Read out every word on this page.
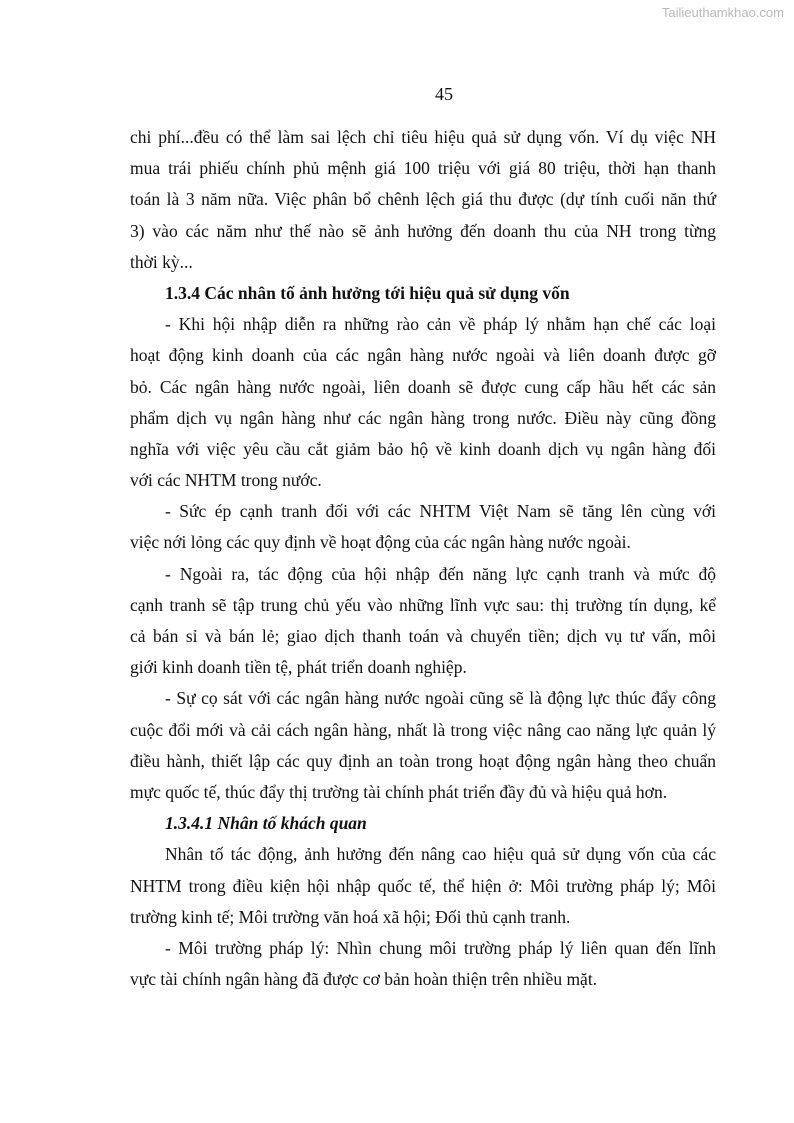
Tailieuthamkhao.com
45
chi phí...đều có thể làm sai lệch chỉ tiêu hiệu quả sử dụng vốn. Ví dụ việc NH
mua trái phiếu chính phủ mệnh giá 100 triệu với giá 80 triệu, thời hạn thanh
toán là 3 năm nữa. Việc phân bổ chênh lệch giá thu được (dự tính cuối năn thứ
3) vào các năm như thế nào sẽ ảnh hưởng đến doanh thu của NH trong từng
thời kỳ...
1.3.4 Các nhân tố ảnh hưởng tới hiệu quả sử dụng vốn
- Khi hội nhập diễn ra những rào cản về pháp lý nhằm hạn chế các loại
hoạt động kinh doanh của các ngân hàng nước ngoài và liên doanh được gỡ
bỏ. Các ngân hàng nước ngoài, liên doanh sẽ được cung cấp hầu hết các sản
phẩm dịch vụ ngân hàng như các ngân hàng trong nước. Điều này cũng đồng
nghĩa với việc yêu cầu cắt giảm bảo hộ về kinh doanh dịch vụ ngân hàng đối
với các NHTM trong nước.
- Sức ép cạnh tranh đối với các NHTM Việt Nam sẽ tăng lên cùng với
việc nới lỏng các quy định về hoạt động của các ngân hàng nước ngoài.
- Ngoài ra, tác động của hội nhập đến năng lực cạnh tranh và mức độ
cạnh tranh sẽ tập trung chủ yếu vào những lĩnh vực sau: thị trường tín dụng, kể
cả bán sỉ và bán lẻ; giao dịch thanh toán và chuyển tiền; dịch vụ tư vấn, môi
giới kinh doanh tiền tệ, phát triển doanh nghiệp.
- Sự cọ sát với các ngân hàng nước ngoài cũng sẽ là động lực thúc đẩy công
cuộc đổi mới và cải cách ngân hàng, nhất là trong việc nâng cao năng lực quản lý
điều hành, thiết lập các quy định an toàn trong hoạt động ngân hàng theo chuẩn
mực quốc tế, thúc đẩy thị trường tài chính phát triển đầy đủ và hiệu quả hơn.
1.3.4.1 Nhân tố khách quan
Nhân tố tác động, ảnh hưởng đến nâng cao hiệu quả sử dụng vốn của các
NHTM trong điều kiện hội nhập quốc tế, thể hiện ở: Môi trường pháp lý; Môi
trường kinh tế; Môi trường văn hoá xã hội; Đối thủ cạnh tranh.
- Môi trường pháp lý: Nhìn chung môi trường pháp lý liên quan đến lĩnh
vực tài chính ngân hàng đã được cơ bản hoàn thiện trên nhiều mặt.
